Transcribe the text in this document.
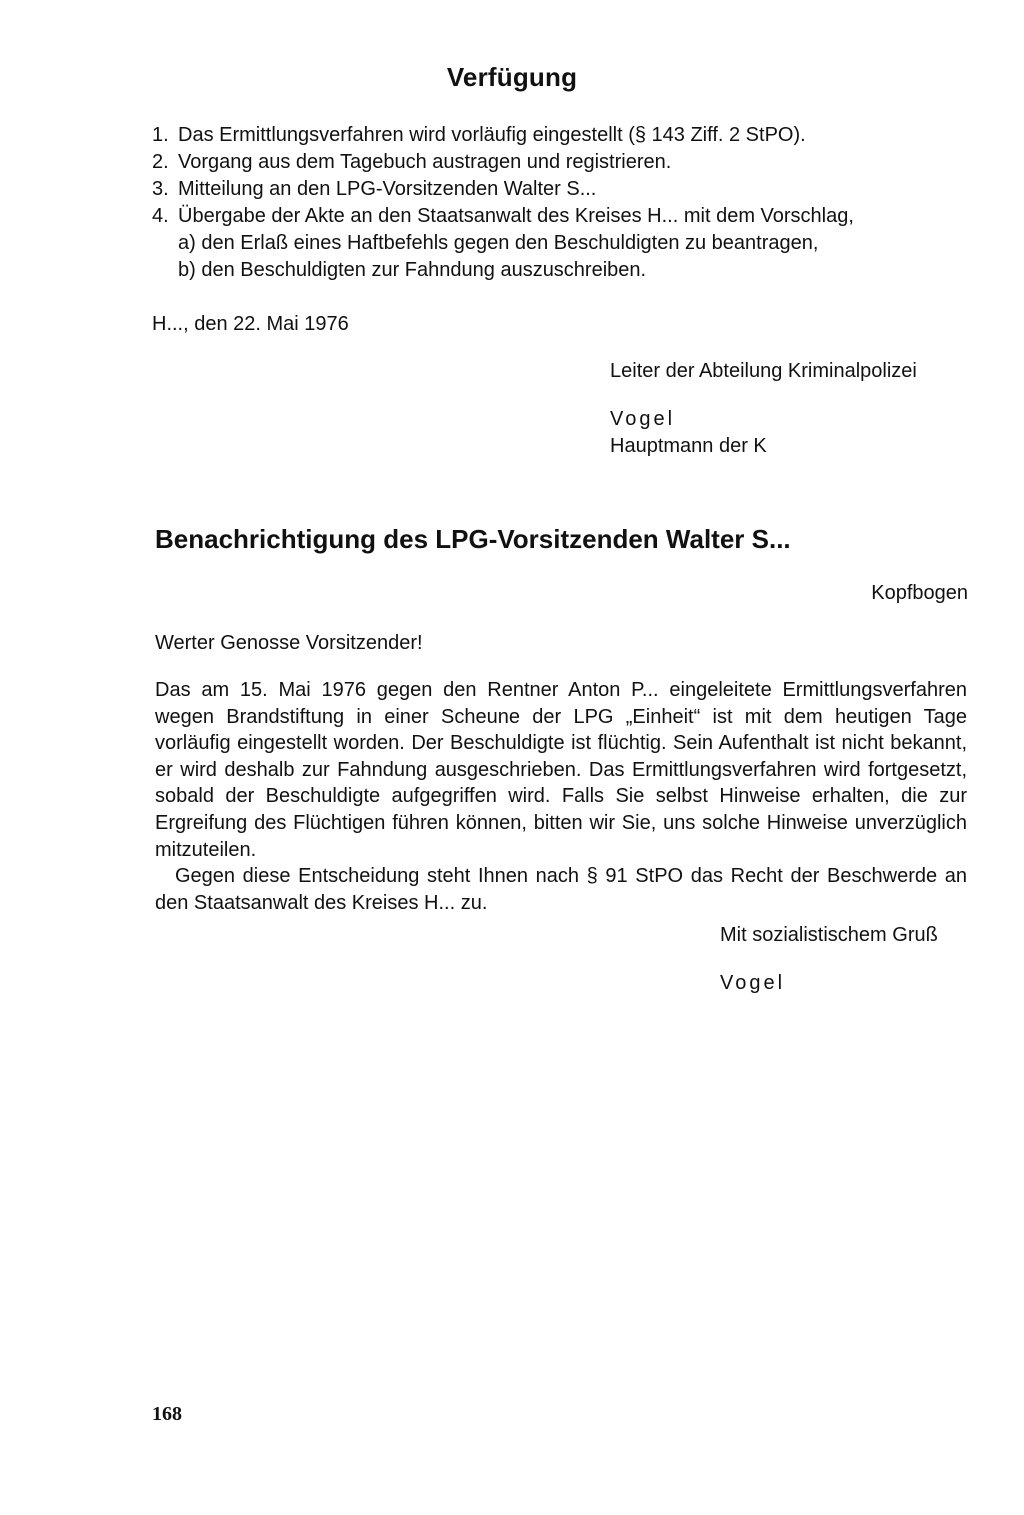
Verfügung
1. Das Ermittlungsverfahren wird vorläufig eingestellt (§ 143 Ziff. 2 StPO).
2. Vorgang aus dem Tagebuch austragen und registrieren.
3. Mitteilung an den LPG-Vorsitzenden Walter S...
4. Übergabe der Akte an den Staatsanwalt des Kreises H... mit dem Vorschlag,
a) den Erlaß eines Haftbefehls gegen den Beschuldigten zu beantragen,
b) den Beschuldigten zur Fahndung auszuschreiben.
H..., den 22. Mai 1976
Leiter der Abteilung Kriminalpolizei
Vogel
Hauptmann der K
Benachrichtigung des LPG-Vorsitzenden Walter S...
Kopfbogen
Werter Genosse Vorsitzender!

Das am 15. Mai 1976 gegen den Rentner Anton P... eingeleitete Ermittlungsverfahren wegen Brandstiftung in einer Scheune der LPG „Einheit“ ist mit dem heutigen Tage vorläufig eingestellt worden. Der Beschuldigte ist flüchtig. Sein Aufenthalt ist nicht bekannt, er wird deshalb zur Fahndung ausgeschrieben. Das Ermittlungsverfahren wird fortgesetzt, sobald der Beschuldigte aufgegriffen wird. Falls Sie selbst Hinweise erhalten, die zur Ergreifung des Flüchtigen führen können, bitten wir Sie, uns solche Hinweise unverzüglich mitzuteilen.

Gegen diese Entscheidung steht Ihnen nach § 91 StPO das Recht der Beschwerde an den Staatsanwalt des Kreises H... zu.

Mit sozialistischem Gruß
Vogel
168
